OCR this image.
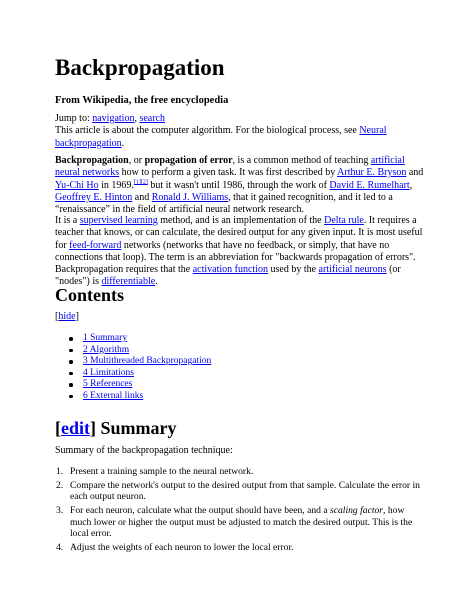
Backpropagation

From Wikipedia, the free encyclopedia

Jump to: navigation, search
This article is about the computer algorithm. For the biological process, see Neural backpropagation.

Backpropagation, or propagation of error, is a common method of teaching artificial neural networks how to perform a given task. It was first described by Arthur E. Bryson and Yu-Chi Ho in 1969.[1][2] but it wasn't until 1986, through the work of David E. Rumelhart, Geoffrey E. Hinton and Ronald J. Williams, that it gained recognition, and it led to a “renaissance” in the field of artificial neural network research.

It is a supervised learning method, and is an implementation of the Delta rule. It requires a teacher that knows, or can calculate, the desired output for any given input. It is most useful for feed-forward networks (networks that have no feedback, or simply, that have no connections that loop). The term is an abbreviation for "backwards propagation of errors". Backpropagation requires that the activation function used by the artificial neurons (or "nodes") is differentiable.

Contents

[hide]

1 Summary
2 Algorithm
3 Multithreaded Backpropagation
4 Limitations
5 References
6 External links
[edit] Summary

Summary of the backpropagation technique:

1. Present a training sample to the neural network.
2. Compare the network's output to the desired output from that sample. Calculate the error in each output neuron.
3. For each neuron, calculate what the output should have been, and a scaling factor, how much lower or higher the output must be adjusted to match the desired output. This is the local error.
4. Adjust the weights of each neuron to lower the local error.
